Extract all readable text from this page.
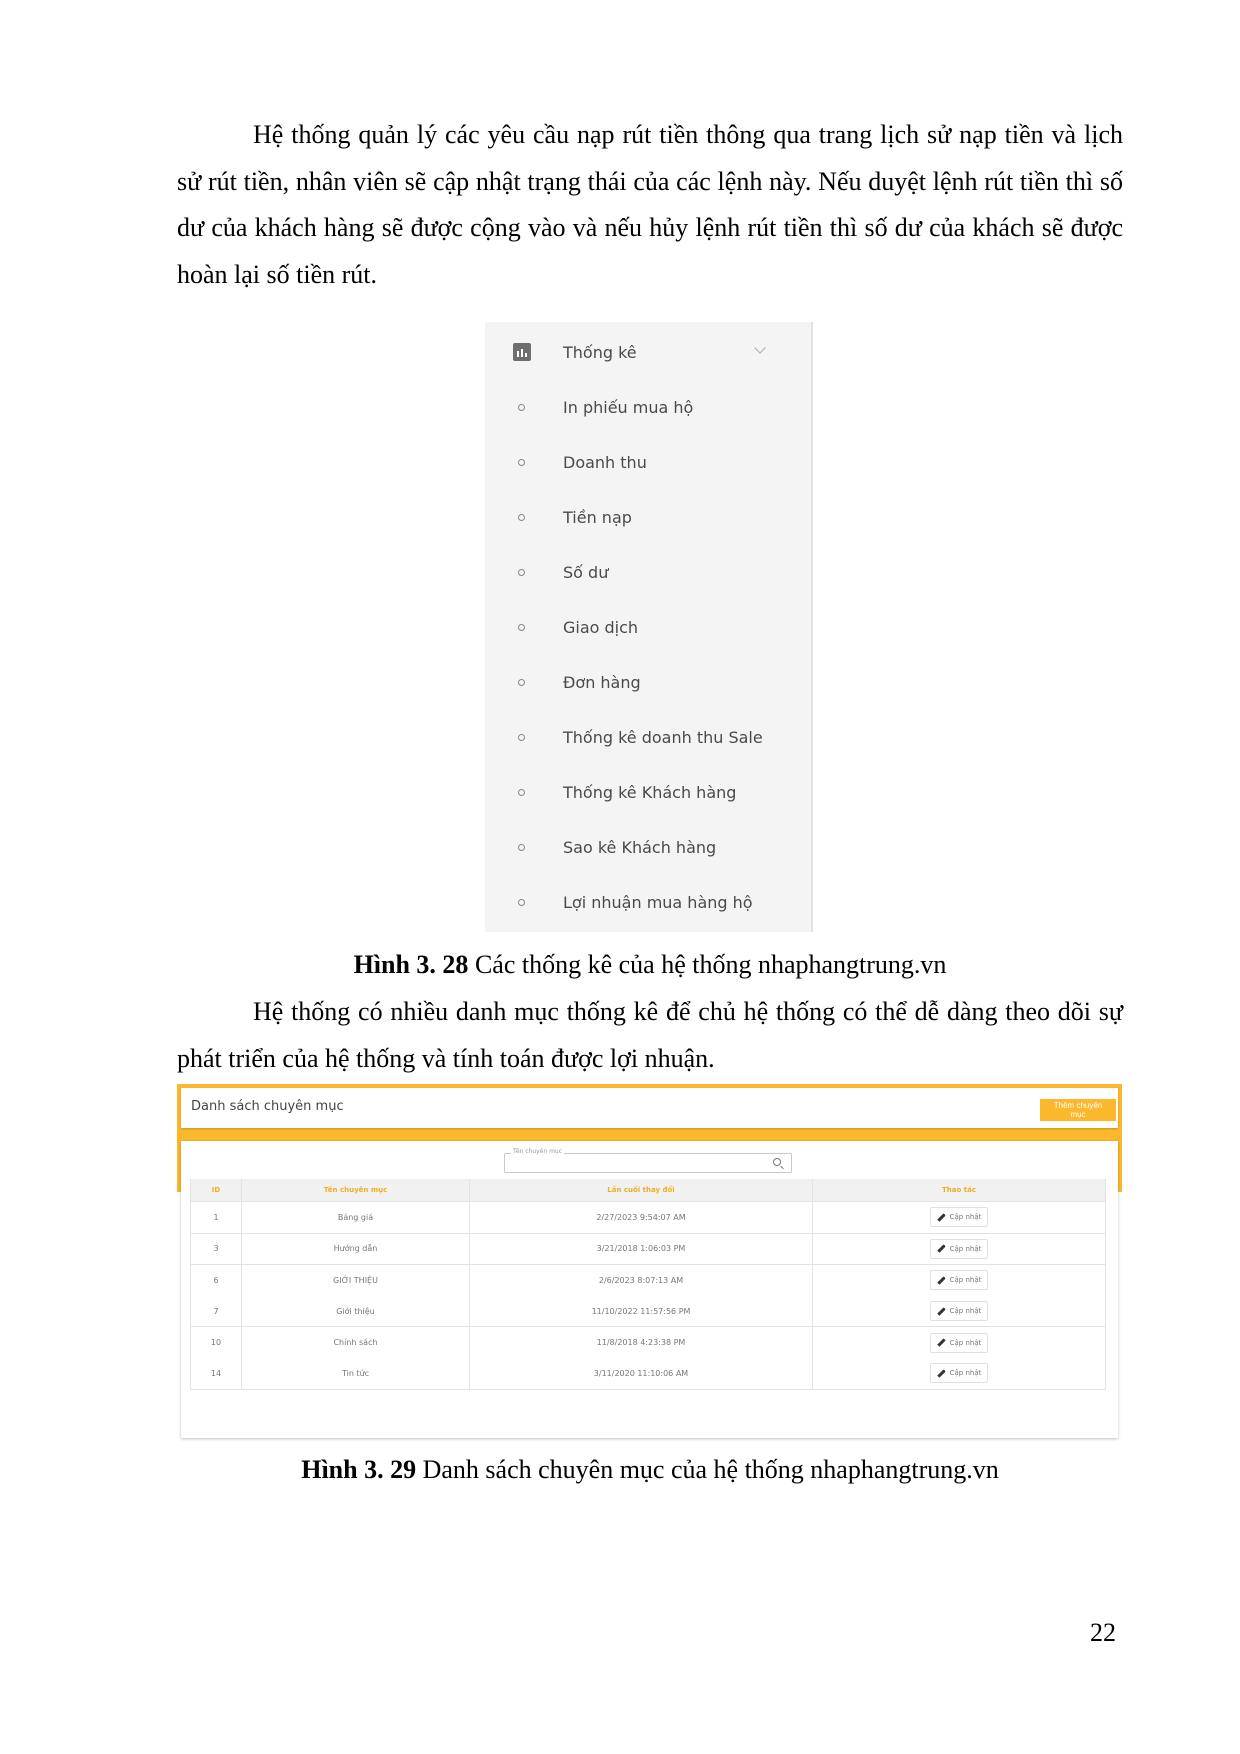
Hệ thống quản lý các yêu cầu nạp rút tiền thông qua trang lịch sử nạp tiền và lịch sử rút tiền, nhân viên sẽ cập nhật trạng thái của các lệnh này. Nếu duyệt lệnh rút tiền thì số dư của khách hàng sẽ được cộng vào và nếu hủy lệnh rút tiền thì số dư của khách sẽ được hoàn lại số tiền rút.

Thống kê
In phiếu mua hộ
Doanh thu
Tiền nạp
Số dư
Giao dịch
Đơn hàng
Thống kê doanh thu Sale
Thống kê Khách hàng
Sao kê Khách hàng
Lợi nhuận mua hàng hộ
Hình 3. 28 Các thống kê của hệ thống nhaphangtrung.vn

Hệ thống có nhiều danh mục thống kê để chủ hệ thống có thể dễ dàng theo dõi sự phát triển của hệ thống và tính toán được lợi nhuận.

Danh sách chuyên mục	Thêm chuyên mục
Tên chuyên mục
ID	Tên chuyên mục	Lần cuối thay đổi	Thao tác
1	Bảng giá	2/27/2023 9:54:07 AM	Cập nhật

3	Hướng dẫn	3/21/2018 1:06:03 PM	Cập nhật

6	GIỚI THIỆU	2/6/2023 8:07:13 AM	Cập nhật

7	Giới thiệu	11/10/2022 11:57:56 PM	Cập nhật

10	Chính sách	11/8/2018 4:23:38 PM	Cập nhật

14	Tin tức	3/11/2020 11:10:06 AM	Cập nhật
Hình 3. 29 Danh sách chuyên mục của hệ thống nhaphangtrung.vn
22
